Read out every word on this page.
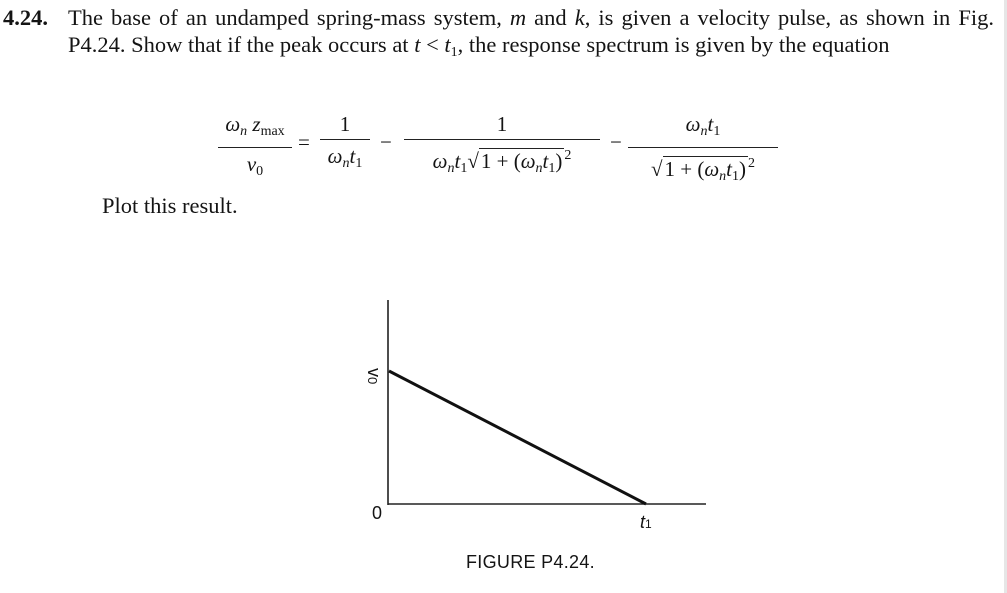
4.24. The base of an undamped spring-mass system, m and k, is given a velocity pulse, as shown in Fig. P4.24. Show that if the peak occurs at $t < t_1$, the response spectrum is given by the equation
$\omega_n$ $z_{max}$
$v_0$
=
1
$\omega_nt_1$
−
1
$\omega_nt_1√1 + (\omega_nt_1)$ $^2$
−
$\omega_nt_1$
$√1 + (\omega_nt_1)$ $^2$
Plot this result.
v0
0	t1
FIGURE P4.24.
